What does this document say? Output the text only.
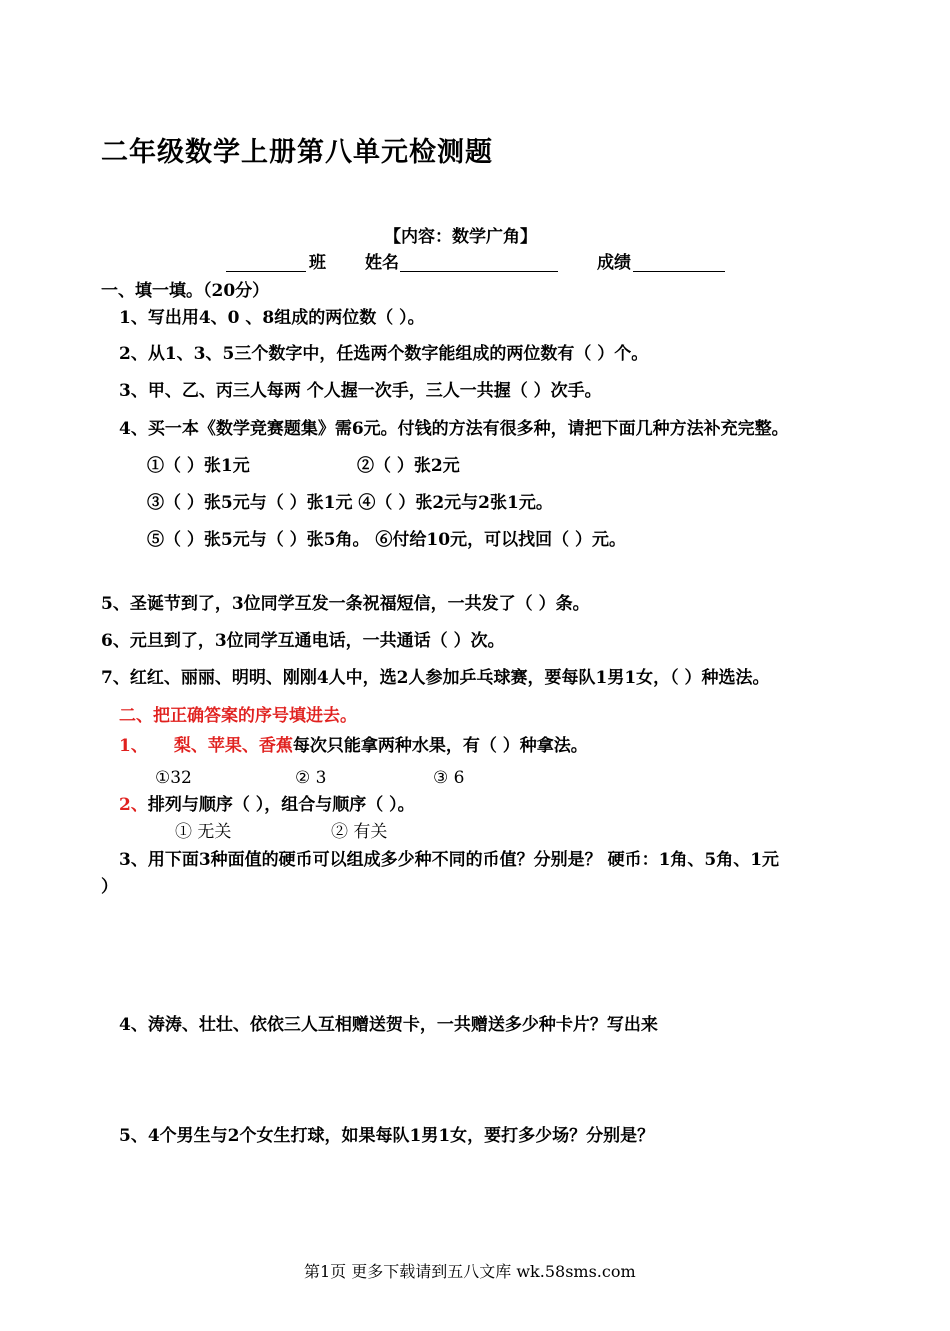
二年级数学上册第八单元检测题
【内容：数学广角】
班 姓名	成绩
一、填一填。（20分）
1、写出用4、0 、8组成的两位数（ ）。
2、从1、3、5三个数字中，任选两个数字能组成的两位数有（ ）个。
3、甲、乙、丙三人每两 个人握一次手，三人一共握（ ）次手。
4、买一本《数学竞赛题集》需6元。付钱的方法有很多种，请把下面几种方法补充完整。
①（ ）张1元	②（ ）张2元
③（ ）张5元与（ ）张1元 ④（ ）张2元与2张1元。
⑤（ ）张5元与（ ）张5角。 ⑥付给10元，可以找回（ ）元。
5、圣诞节到了，3位同学互发一条祝福短信，一共发了（ ）条。
6、元旦到了，3位同学互通电话，一共通话（ ）次。
7、红红、丽丽、明明、刚刚4人中，选2人参加乒乓球赛，要每队1男1女，（ ）种选法。
二、把正确答案的序号填进去。
1、 梨、苹果、香蕉每次只能拿两种水果，有（ ）种拿法。
①32	② 3	③ 6
2、排列与顺序（ ），组合与顺序（ ）。
① 无关	② 有关
3、用下面3种面值的硬币可以组成多少种不同的币值？分别是？ 硬币：1角、5角、1元
）
4、涛涛、壮壮、依依三人互相赠送贺卡，一共赠送多少种卡片？写出来
5、4个男生与2个女生打球，如果每队1男1女，要打多少场？分别是？
第1页 更多下载请到五八文库 wk.58sms.com
